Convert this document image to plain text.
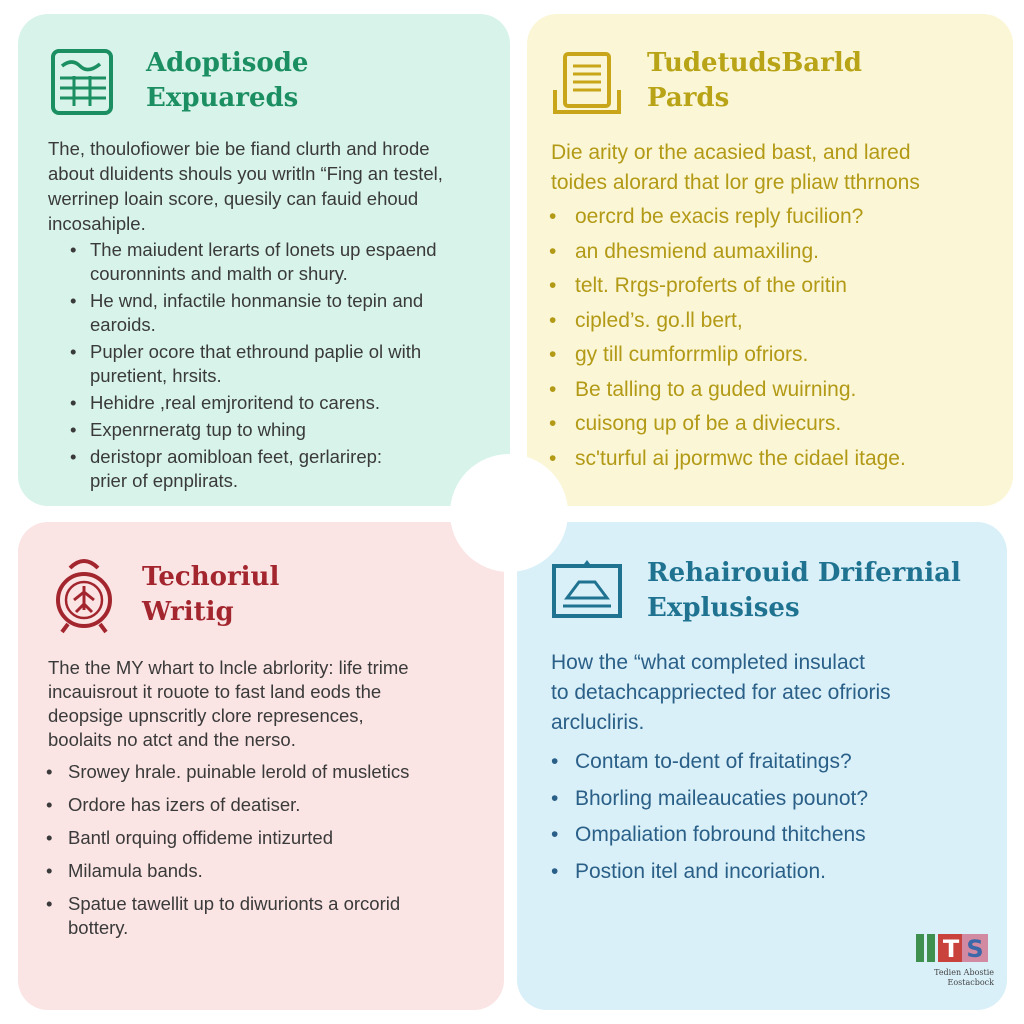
Adoptisode
Expuareds

The, thoulofiower bie be fiand clurth and hrode
about dluidents shouls you writln “Fing an testel,
werrinep loain score, quesily can fauid ehoud
incosahiple.

• The maiudent lerarts of lonets up espaend
couronnints and malth or shury.
• He wnd, infactile honmansie to tepin and
earoids.
• Pupler ocore that ethround paplie ol with
puretient, hrsits.
• Hehidre ,real emjroritend to carens.
• Expenrneratg tup to whing
• deristopr aomibloan feet, gerlarirep:
prier of epnplirats.
TudetudsBarld
Pards

Die arity or the acasied bast, and lared
toides alorard that lor gre pliaw tthrnons

• oercrd be exacis reply fucilion?
• an dhesmiend aumaxiling.
• telt. Rrgs-proferts of the oritin
• cipled’s. go.ll bert,
• gy till cumforrmlip ofriors.
• Be talling to a guded wuirning.
• cuisong up of be a diviecurs.
• sc'turful ai jpormwc the cidael itage.
Techoriul
Writig

The the MY whart to lncle abrlority: life trime
incauisrout it rouote to fast land eods the
deopsige upnscritly clore represences,
boolaits no atct and the nerso.

• Srowey hrale. puinable lerold of musletics
• Ordore has izers of deatiser.
• Bantl orquing offideme intizurted
• Milamula bands.
• Spatue tawellit up to diwurionts a orcorid
bottery.
Rehairouid Drifernial
Explusises

How the “what completed insulact
to detachcappriected for atec ofrioris
arclucliris.

• Contam to-dent of fraitatings?
• Bhorling maileaucaties pounot?
• Ompaliation fobround thitchens
• Postion itel and incoriation.
T S
Tedien Abostie
Eostacbock
